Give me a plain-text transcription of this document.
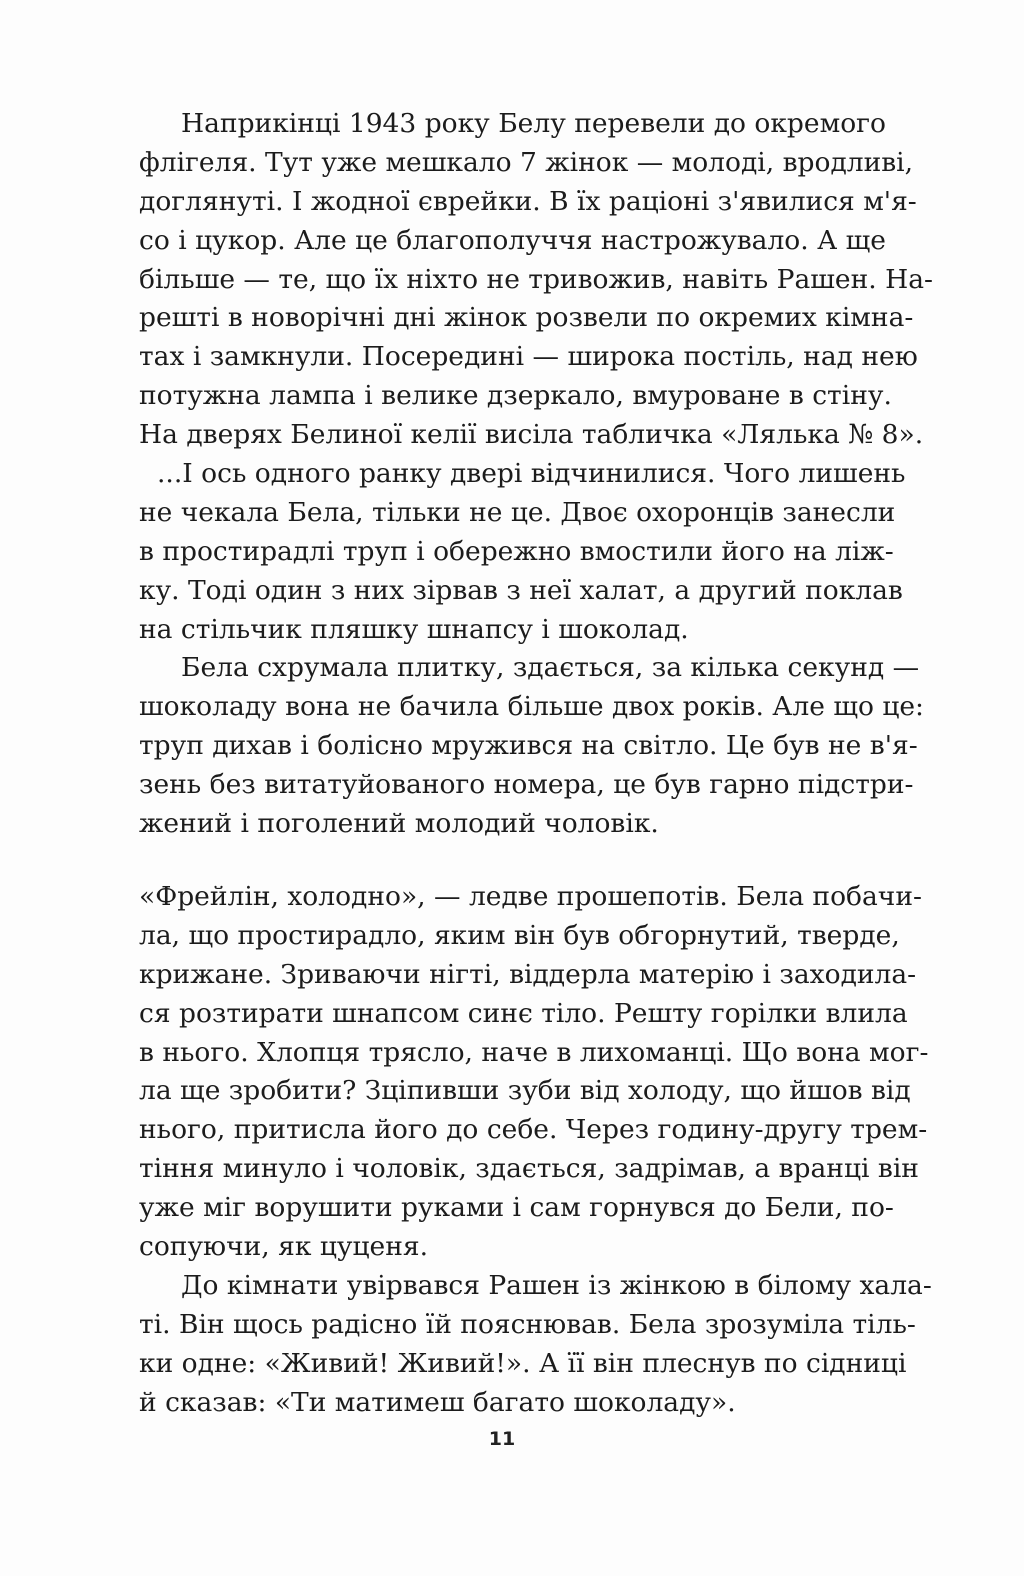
Наприкінці 1943 року Белу перевели до окремого
флігеля. Тут уже мешкало 7 жінок — молоді, вродливі,
доглянуті. І жодної єврейки. В їх раціоні з'явилися м'я-
со і цукор. Але це благополуччя настрожувало. А ще
більше — те, що їх ніхто не тривожив, навіть Рашен. На-
решті в новорічні дні жінок розвели по окремих кімна-
тах і замкнули. Посередині — широка постіль, над нею
потужна лампа і велике дзеркало, вмуроване в стіну.
На дверях Белиної келії висіла табличка «Лялька № 8».
...І ось одного ранку двері відчинилися. Чого лишень
не чекала Бела, тільки не це. Двоє охоронців занесли
в простирадлі труп і обережно вмостили його на ліж-
ку. Тоді один з них зірвав з неї халат, а другий поклав
на стільчик пляшку шнапсу і шоколад.
Бела схрумала плитку, здається, за кілька секунд —
шоколаду вона не бачила більше двох років. Але що це:
труп дихав і болісно мружився на світло. Це був не в'я-
зень без витатуйованого номера, це був гарно підстри-
жений і поголений молодий чоловік.
«Фрейлін, холодно», — ледве прошепотів. Бела побачи-
ла, що простирадло, яким він був обгорнутий, тверде,
крижане. Зриваючи нігті, віддерла матерію і заходила-
ся розтирати шнапсом синє тіло. Решту горілки влила
в нього. Хлопця трясло, наче в лихоманці. Що вона мог-
ла ще зробити? Зціпивши зуби від холоду, що йшов від
нього, притисла його до себе. Через годину-другу трем-
тіння минуло і чоловік, здається, задрімав, а вранці він
уже міг ворушити руками і сам горнувся до Бели, по-
сопуючи, як цуценя.
До кімнати увірвався Рашен із жінкою в білому хала-
ті. Він щось радісно їй пояснював. Бела зрозуміла тіль-
ки одне: «Живий! Живий!». А її він плеснув по сідниці
й сказав: «Ти матимеш багато шоколаду».
11
